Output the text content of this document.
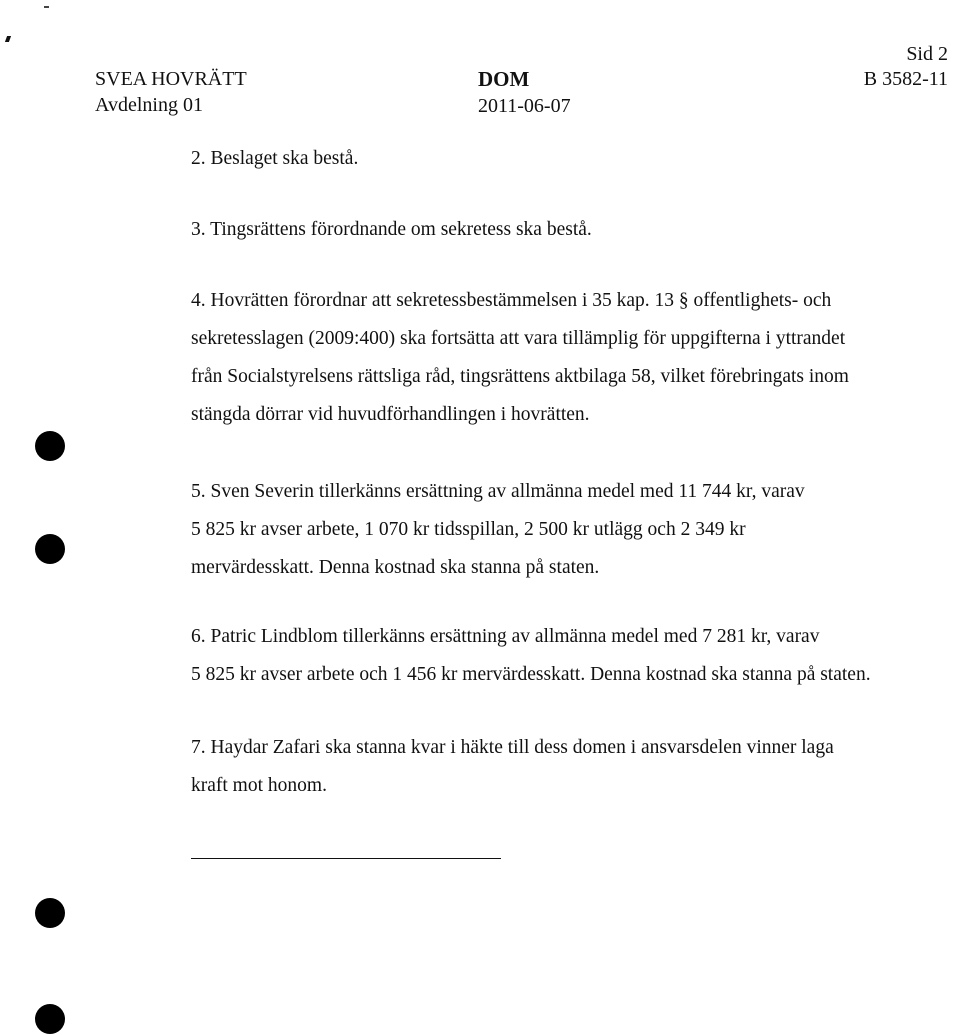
SVEA HOVRÄTT
Avdelning 01
DOM
2011-06-07
Sid 2
B 3582-11

2. Beslaget ska bestå.

3. Tingsrättens förordnande om sekretess ska bestå.

4. Hovrätten förordnar att sekretessbestämmelsen i 35 kap. 13 § offentlighets- och

sekretesslagen (2009:400) ska fortsätta att vara tillämplig för uppgifterna i yttrandet

från Socialstyrelsens rättsliga råd, tingsrättens aktbilaga 58, vilket förebringats inom

stängda dörrar vid huvudförhandlingen i hovrätten.

5. Sven Severin tillerkänns ersättning av allmänna medel med 11 744 kr, varav

5 825 kr avser arbete, 1 070 kr tidsspillan, 2 500 kr utlägg och 2 349 kr

mervärdesskatt. Denna kostnad ska stanna på staten.

6. Patric Lindblom tillerkänns ersättning av allmänna medel med 7 281 kr, varav

5 825 kr avser arbete och 1 456 kr mervärdesskatt. Denna kostnad ska stanna på staten.

7. Haydar Zafari ska stanna kvar i häkte till dess domen i ansvarsdelen vinner laga

kraft mot honom.
